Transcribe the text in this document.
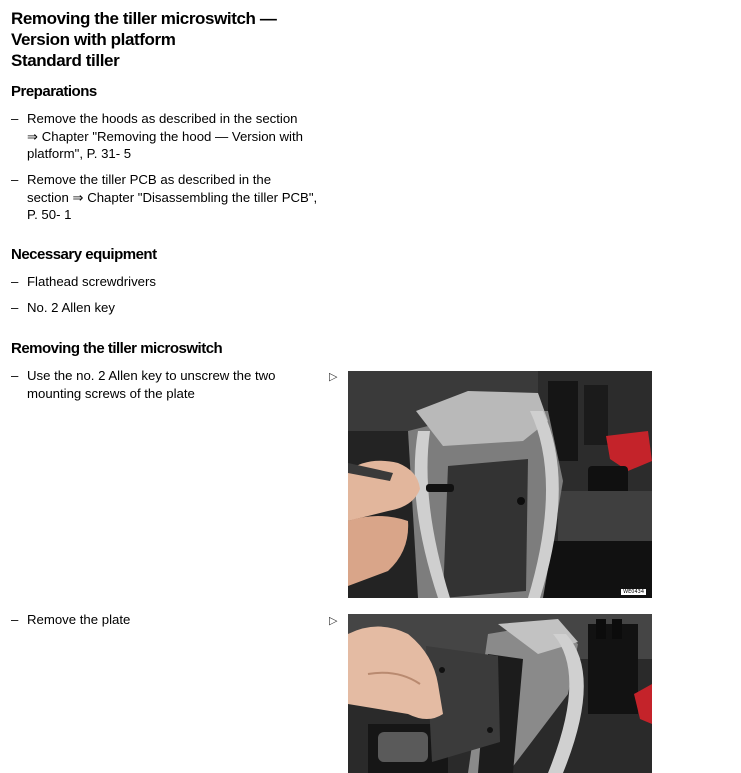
Removing the tiller microswitch —
Version with platform
Standard tiller
Preparations
– Remove the hoods as described in the section
⇒ Chapter "Removing the hood — Version with platform", P. 31- 5
– Remove the tiller PCB as described in the
section ⇒ Chapter "Disassembling the tiller PCB", P. 50- 1
Necessary equipment
– Flathead screwdrivers
– No. 2 Allen key
Removing the tiller microswitch
– Use the no. 2 Allen key to unscrew the two mounting screws of the plate
▷
WE0434
– Remove the plate	▷
